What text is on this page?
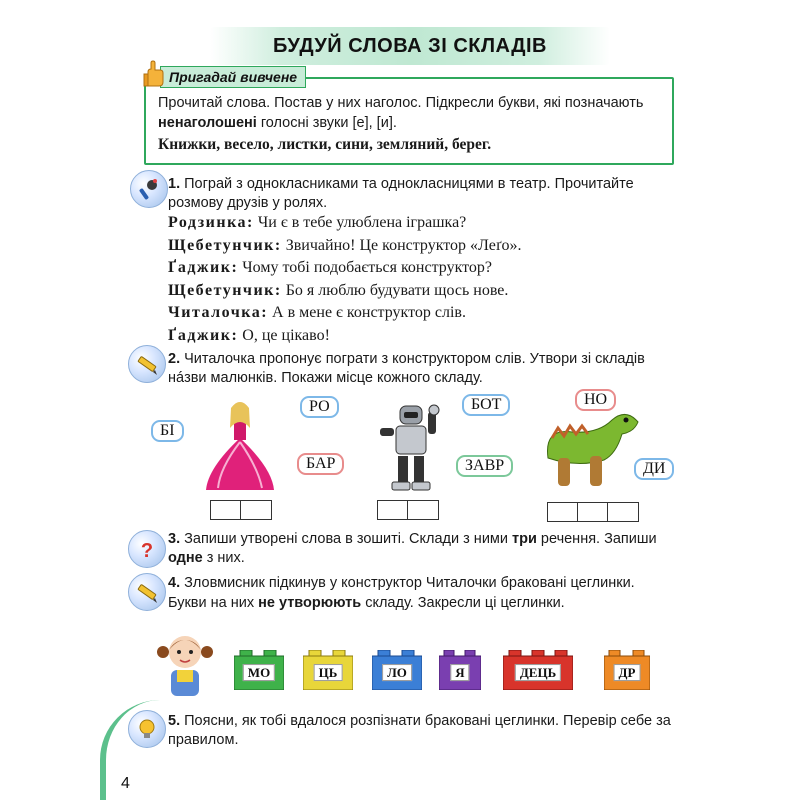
БУДУЙ СЛОВА ЗІ СКЛАДІВ
Пригадай вивчене
Прочитай слова. Постав у них наголос. Підкресли букви, які позначають ненаголошені голосні звуки [е], [и].
Книжки, весело, листки, сини, земляний, берег.
1. Пограй з однокласниками та однокласницями в театр. Прочитайте розмову друзів у ролях.
Родзинка: Чи є в тебе улюблена іграшка?
Щебетунчик: Звичайно! Це конструктор «Леґо».
Ґаджик: Чому тобі подобається конструктор?
Щебетунчик: Бо я люблю будувати щось нове.
Читалочка: А в мене є конструктор слів.
Ґаджик: О, це цікаво!
2. Читалочка пропонує пограти з конструктором слів. Утвори зі складів нáзви малюнків. Покажи місце кожного складу.
БІ
РО
БАР
БОТ
ЗАВР
НО
ДИ
?
3. Запиши утворені слова в зошиті. Склади з ними три речення. Запиши одне з них.
4. Зловмисник підкинув у конструктор Читалочки браковані цеглинки. Букви на них не утворюють складу. Закресли ці цеглинки.
МО	ЦЬ	ЛО	Я	ДЕЦЬ	ДР
5. Поясни, як тобі вдалося розпізнати браковані цеглинки. Перевір себе за правилом.
4
